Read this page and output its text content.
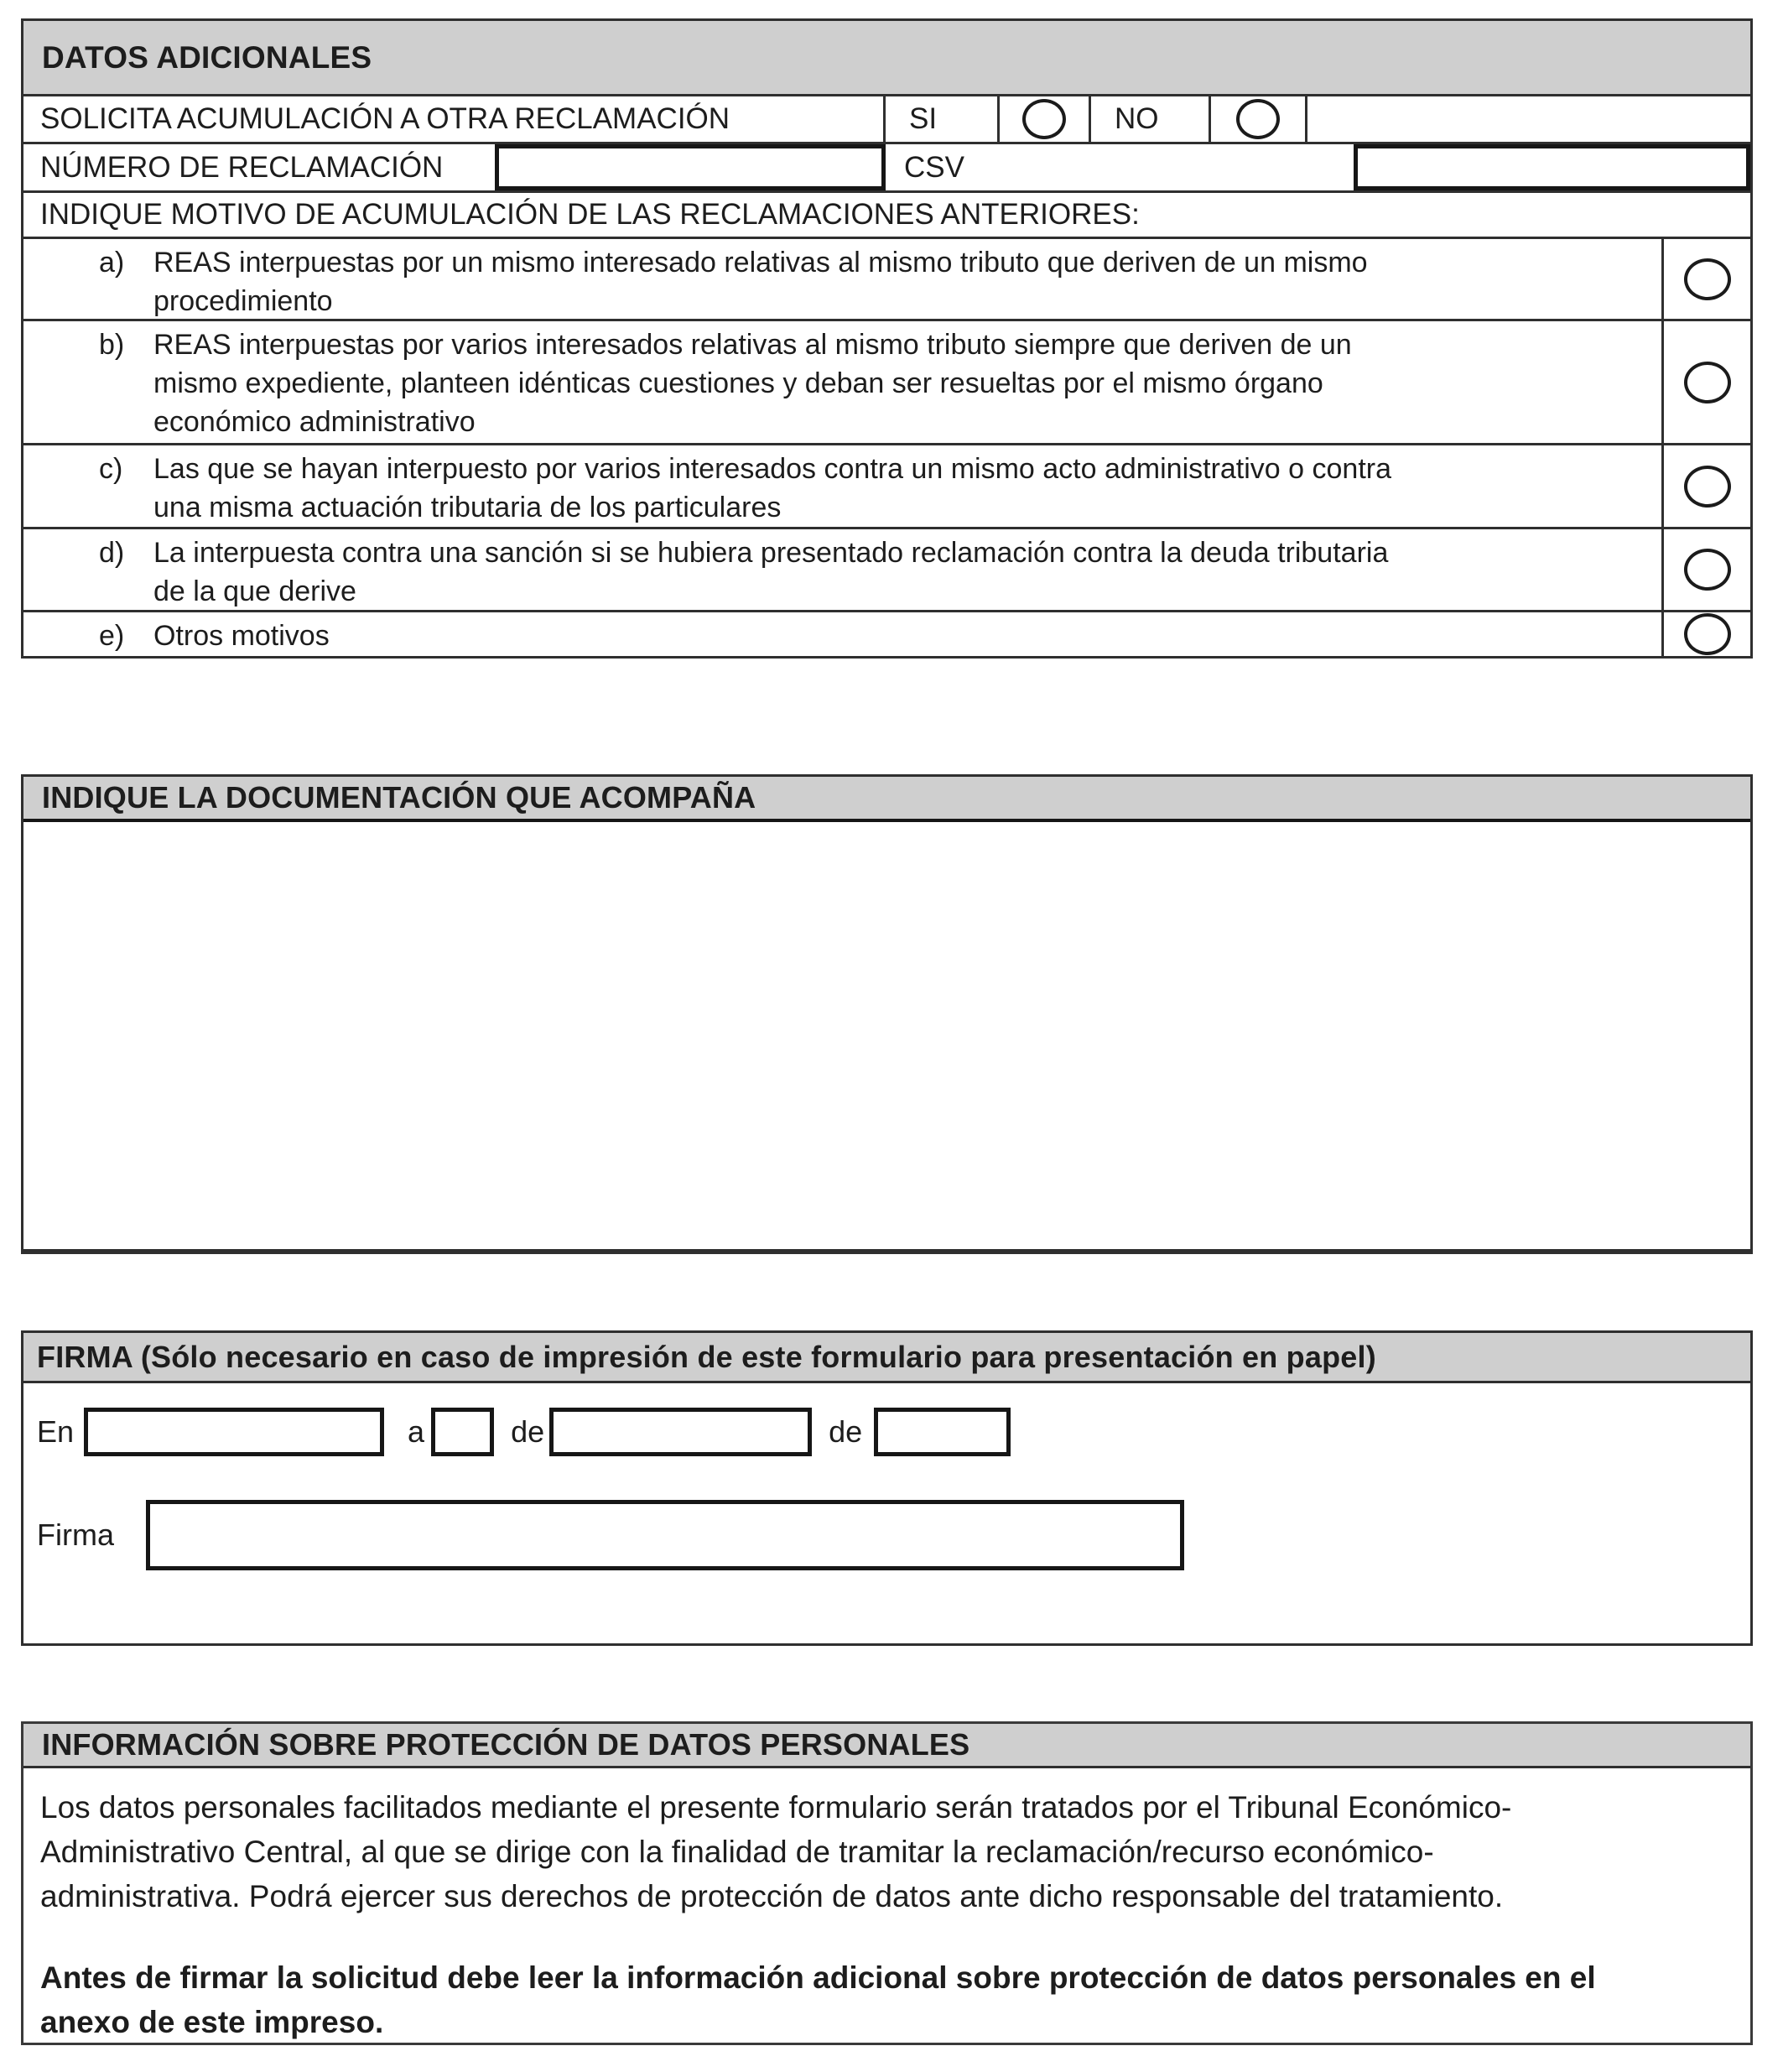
DATOS ADICIONALES
SOLICITA ACUMULACIÓN A OTRA RECLAMACIÓN	SI	NO
NÚMERO DE RECLAMACIÓN	CSV
INDIQUE MOTIVO DE ACUMULACIÓN DE LAS RECLAMACIONES ANTERIORES:
a)	REAS interpuestas por un mismo interesado relativas al mismo tributo que deriven de un mismo
procedimiento
b)	REAS interpuestas por varios interesados relativas al mismo tributo siempre que deriven de un
mismo expediente, planteen idénticas cuestiones y deban ser resueltas por el mismo órgano
económico administrativo
c)	Las que se hayan interpuesto por varios interesados contra un mismo acto administrativo o contra
una misma actuación tributaria de los particulares
d)	La interpuesta contra una sanción si se hubiera presentado reclamación contra la deuda tributaria
de la que derive
e)	Otros motivos
INDIQUE LA DOCUMENTACIÓN QUE ACOMPAÑA
FIRMA (Sólo necesario en caso de impresión de este formulario para presentación en papel)
En	a	de	de
Firma
INFORMACIÓN SOBRE PROTECCIÓN DE DATOS PERSONALES
Los datos personales facilitados mediante el presente formulario serán tratados por el Tribunal Económico-
Administrativo Central, al que se dirige con la finalidad de tramitar la reclamación/recurso económico-
administrativa. Podrá ejercer sus derechos de protección de datos ante dicho responsable del tratamiento.
Antes de firmar la solicitud debe leer la información adicional sobre protección de datos personales en el
anexo de este impreso.
